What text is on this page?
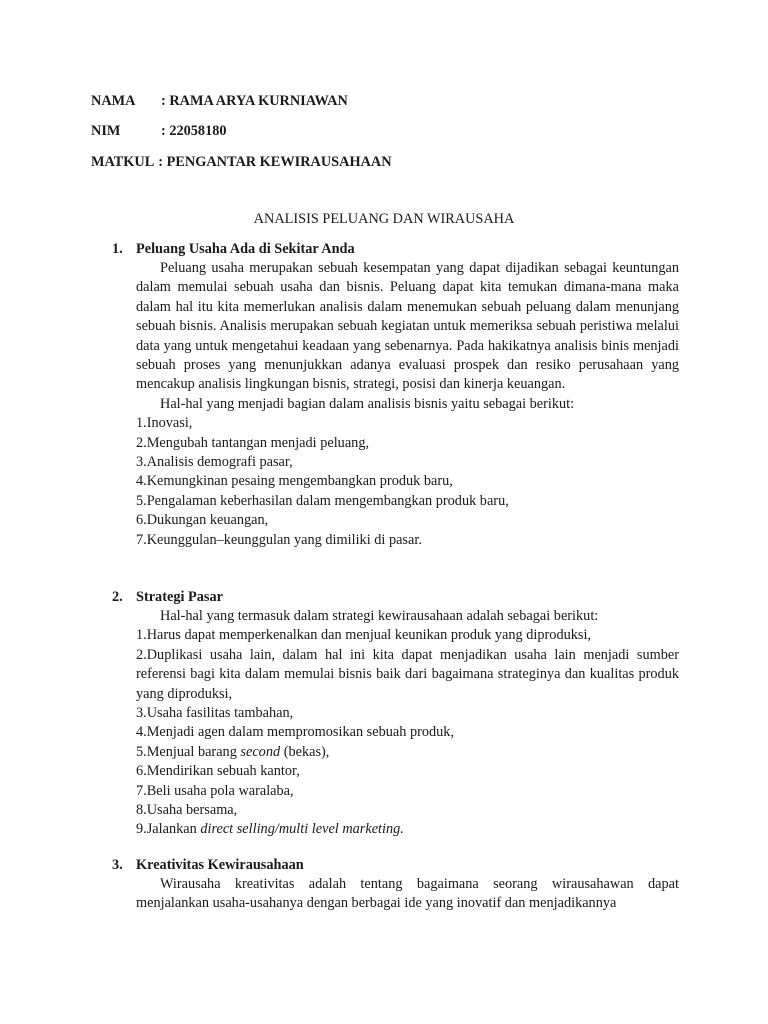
NAMA : RAMA ARYA KURNIAWAN
NIM	: 22058180
MATKUL : PENGANTAR KEWIRAUSAHAAN
ANALISIS PELUANG DAN WIRAUSAHA
1. Peluang Usaha Ada di Sekitar Anda

Peluang usaha merupakan sebuah kesempatan yang dapat dijadikan sebagai keuntungan dalam memulai sebuah usaha dan bisnis. Peluang dapat kita temukan dimana-mana maka dalam hal itu kita memerlukan analisis dalam menemukan sebuah peluang dalam menunjang sebuah bisnis. Analisis merupakan sebuah kegiatan untuk memeriksa sebuah peristiwa melalui data yang untuk mengetahui keadaan yang sebenarnya. Pada hakikatnya analisis binis menjadi sebuah proses yang menunjukkan adanya evaluasi prospek dan resiko perusahaan yang mencakup analisis lingkungan bisnis, strategi, posisi dan kinerja keuangan.

Hal-hal yang menjadi bagian dalam analisis bisnis yaitu sebagai berikut:

1.Inovasi,
2.Mengubah tantangan menjadi peluang,
3.Analisis demografi pasar,
4.Kemungkinan pesaing mengembangkan produk baru,
5.Pengalaman keberhasilan dalam mengembangkan produk baru,
6.Dukungan keuangan,
7.Keunggulan–keunggulan yang dimiliki di pasar.
2. Strategi Pasar

Hal-hal yang termasuk dalam strategi kewirausahaan adalah sebagai berikut:

1.Harus dapat memperkenalkan dan menjual keunikan produk yang diproduksi,
2.Duplikasi usaha lain, dalam hal ini kita dapat menjadikan usaha lain menjadi sumber referensi bagi kita dalam memulai bisnis baik dari bagaimana strateginya dan kualitas produk yang diproduksi,
3.Usaha fasilitas tambahan,
4.Menjadi agen dalam mempromosikan sebuah produk,
5.Menjual barang second (bekas),
6.Mendirikan sebuah kantor,
7.Beli usaha pola waralaba,
8.Usaha bersama,
9.Jalankan direct selling/multi level marketing.
3. Kreativitas Kewirausahaan

Wirausaha kreativitas adalah tentang bagaimana seorang wirausahawan dapat menjalankan usaha-usahanya dengan berbagai ide yang inovatif dan menjadikannya
